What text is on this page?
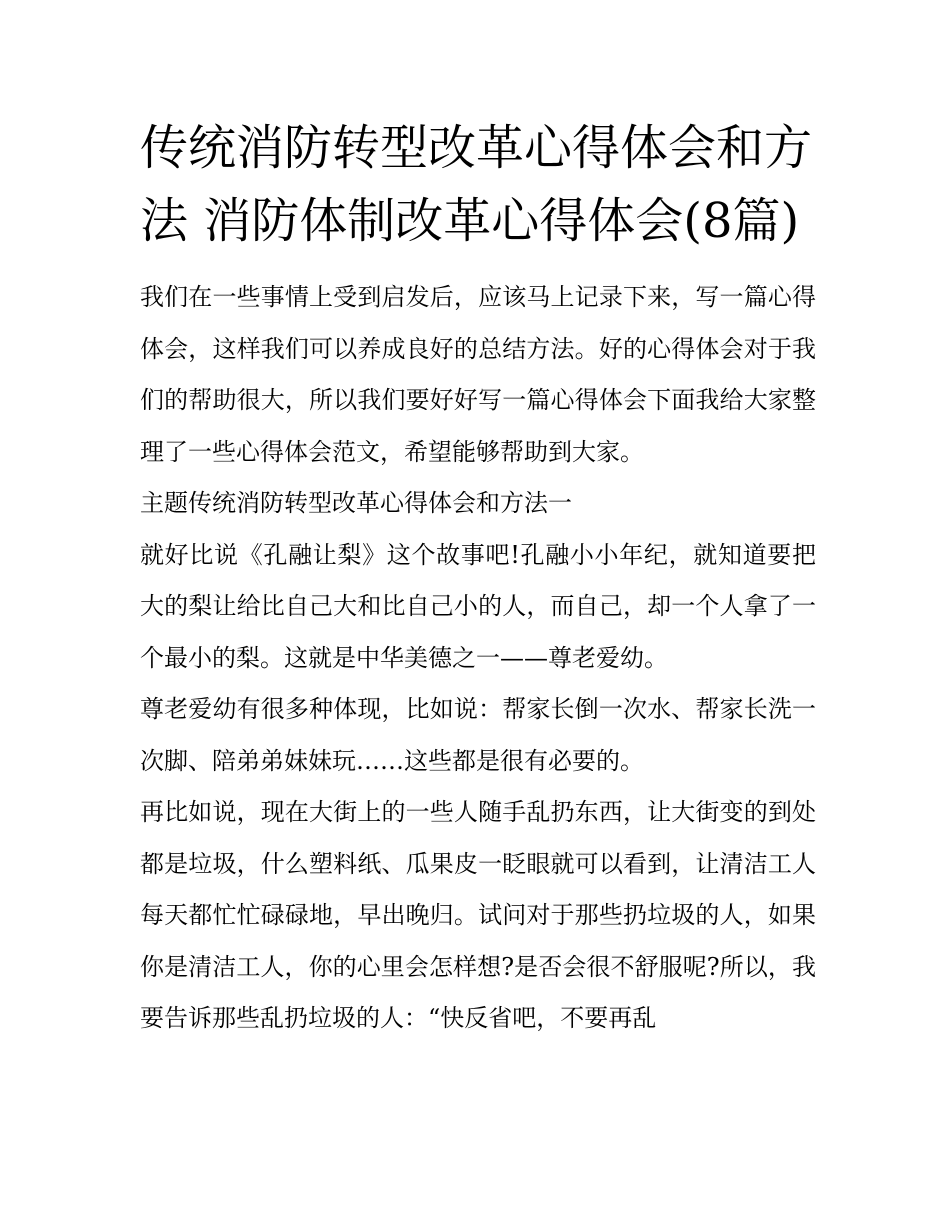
传统消防转型改革心得体会和方法 消防体制改革心得体会(8篇)

我们在一些事情上受到启发后，应该马上记录下来，写一篇心得体会，这样我们可以养成良好的总结方法。好的心得体会对于我们的帮助很大，所以我们要好好写一篇心得体会下面我给大家整理了一些心得体会范文，希望能够帮助到大家。

主题传统消防转型改革心得体会和方法一

就好比说《孔融让梨》这个故事吧!孔融小小年纪，就知道要把大的梨让给比自己大和比自己小的人，而自己，却一个人拿了一个最小的梨。这就是中华美德之一——尊老爱幼。

尊老爱幼有很多种体现，比如说：帮家长倒一次水、帮家长洗一次脚、陪弟弟妹妹玩……这些都是很有必要的。

再比如说，现在大街上的一些人随手乱扔东西，让大街变的到处都是垃圾，什么塑料纸、瓜果皮一眨眼就可以看到，让清洁工人每天都忙忙碌碌地，早出晚归。试问对于那些扔垃圾的人，如果你是清洁工人，你的心里会怎样想?是否会很不舒服呢?所以，我要告诉那些乱扔垃圾的人：“快反省吧，不要再乱
